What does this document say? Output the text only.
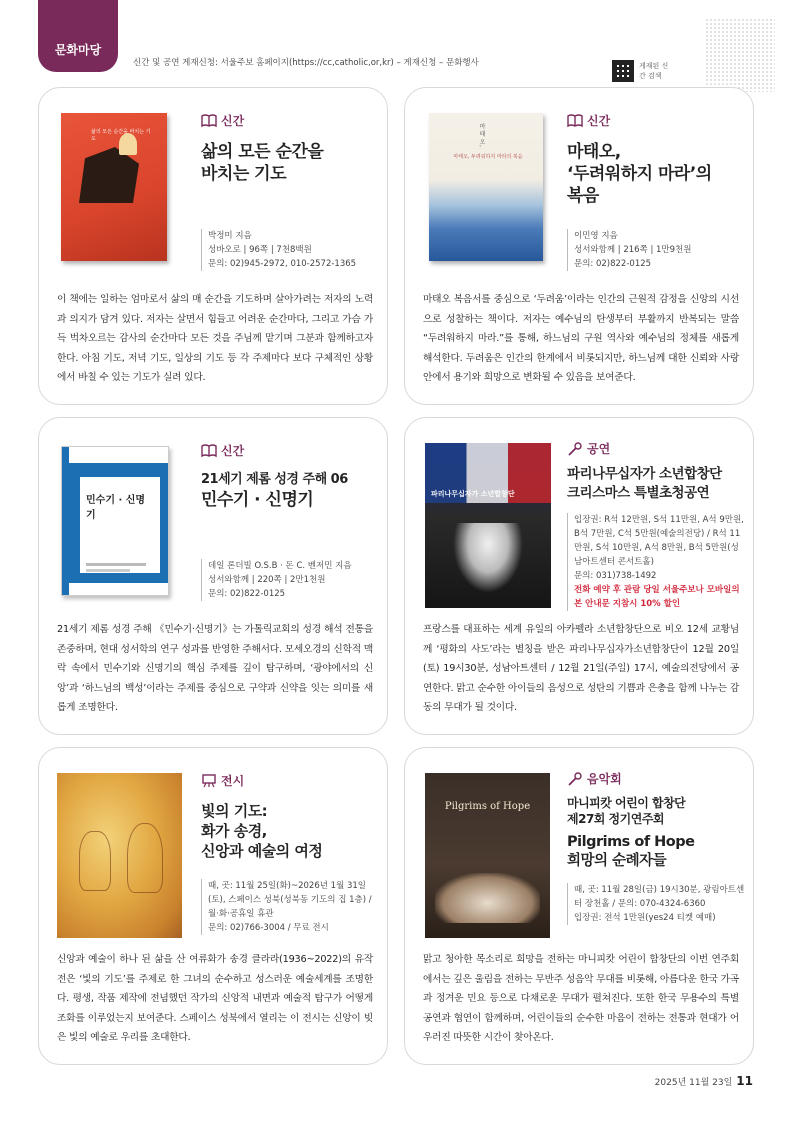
문화마당
신간 및 공연 게재신청: 서울주보 홈페이지(https://cc,catholic,or,kr) – 게재신청 – 문화행사	게재된 신간 검색
삶의 모든 순간을 바치는 기도
신간
삶의 모든 순간을
바치는 기도
박정미 지음
성바오로 | 96쪽 | 7천8백원
문의: 02)945-2972, 010-2572-1365
이 책에는 일하는 엄마로서 삶의 매 순간을 기도하며 살아가려는 저자의 노력과 의지가 담겨 있다. 저자는 살면서 힘들고 어려운 순간마다, 그리고 가슴 가득 벅차오르는 감사의 순간마다 모든 것을 주님께 맡기며 그분과 함께하고자 한다. 아침 기도, 저녁 기도, 일상의 기도 등 각 주제마다 보다 구체적인 상황에서 바칠 수 있는 기도가 실려 있다.
마 태 오,
마태오, 두려워하지 마라의 복음
신간
마태오,
‘두려워하지 마라’의
복음
이민영 지음
성서와함께 | 216쪽 | 1만9천원
문의: 02)822-0125
마태오 복음서를 중심으로 ‘두려움’이라는 인간의 근원적 감정을 신앙의 시선으로 성찰하는 책이다. 저자는 예수님의 탄생부터 부활까지 반복되는 말씀 “두려워하지 마라.”를 통해, 하느님의 구원 역사와 예수님의 정체를 새롭게 해석한다. 두려움은 인간의 한계에서 비롯되지만, 하느님께 대한 신뢰와 사랑 안에서 용기와 희망으로 변화될 수 있음을 보여준다.
민수기 · 신명기
신간
21세기 제롬 성경 주해 06
민수기 · 신명기
데일 론더빌 O.S.B · 돈 C. 벤저민 지음
성서와함께 | 220쪽 | 2만1천원
문의: 02)822-0125
21세기 제롬 성경 주해 《민수기·신명기》는 가톨릭교회의 성경 해석 전통을 존중하며, 현대 성서학의 연구 성과를 반영한 주해서다. 모세오경의 신학적 맥락 속에서 민수기와 신명기의 핵심 주제를 깊이 탐구하며, ‘광야에서의 신앙’과 ‘하느님의 백성’이라는 주제를 중심으로 구약과 신약을 잇는 의미를 새롭게 조명한다.
파리나무십자가 소년합창단
공연
파리나무십자가 소년합창단
크리스마스 특별초청공연
입장권: R석 12만원, S석 11만원, A석 9만원, B석 7만원, C석 5만원(예술의전당) / R석 11만원, S석 10만원, A석 8만원, B석 5만원(성남아트센터 콘서트홀)
문의: 031)738-1492
전화 예약 후 관람 당일 서울주보나 모바일의 본 안내문 지참시 10% 할인
프랑스를 대표하는 세계 유일의 아카펠라 소년합창단으로 비오 12세 교황님께 ‘평화의 사도’라는 별칭을 받은 파리나무십자가소년합창단이 12월 20일(토) 19시30분, 성남아트센터 / 12월 21일(주일) 17시, 예술의전당에서 공연한다. 맑고 순수한 아이들의 음성으로 성탄의 기쁨과 은총을 함께 나누는 감동의 무대가 될 것이다.
전시
빛의 기도:
화가 송경,
신앙과 예술의 여정
때, 곳: 11월 25일(화)~2026년 1월 31일(토), 스페이스 성북(성북동 기도의 집 1층) / 월·화·공휴일 휴관
문의: 02)766-3004 / 무료 전시
신앙과 예술이 하나 된 삶을 산 여류화가 송경 클라라(1936~2022)의 유작전은 ‘빛의 기도’를 주제로 한 그녀의 순수하고 성스러운 예술세계를 조명한다. 평생, 작품 제작에 전념했던 작가의 신앙적 내면과 예술적 탐구가 어떻게 조화를 이루었는지 보여준다. 스페이스 성북에서 열리는 이 전시는 신앙이 빚은 빛의 예술로 우리를 초대한다.
Pilgrims of Hope
음악회
마니피캇 어린이 합창단
제27회 정기연주회
Pilgrims of Hope
희망의 순례자들
때, 곳: 11월 28일(금) 19시30분, 광림아트센터 장천홀 / 문의: 070-4324-6360
입장권: 전석 1만원(yes24 티켓 예매)
맑고 청아한 목소리로 희망을 전하는 마니피캇 어린이 합창단의 이번 연주회에서는 깊은 울림을 전하는 무반주 성음악 무대를 비롯해, 아름다운 한국 가곡과 정겨운 민요 등으로 다채로운 무대가 펼쳐진다. 또한 한국 무용수의 특별 공연과 협연이 함께하며, 어린이들의 순수한 마음이 전하는 전통과 현대가 어우러진 따뜻한 시간이 찾아온다.
2025년 11월 23일 11
